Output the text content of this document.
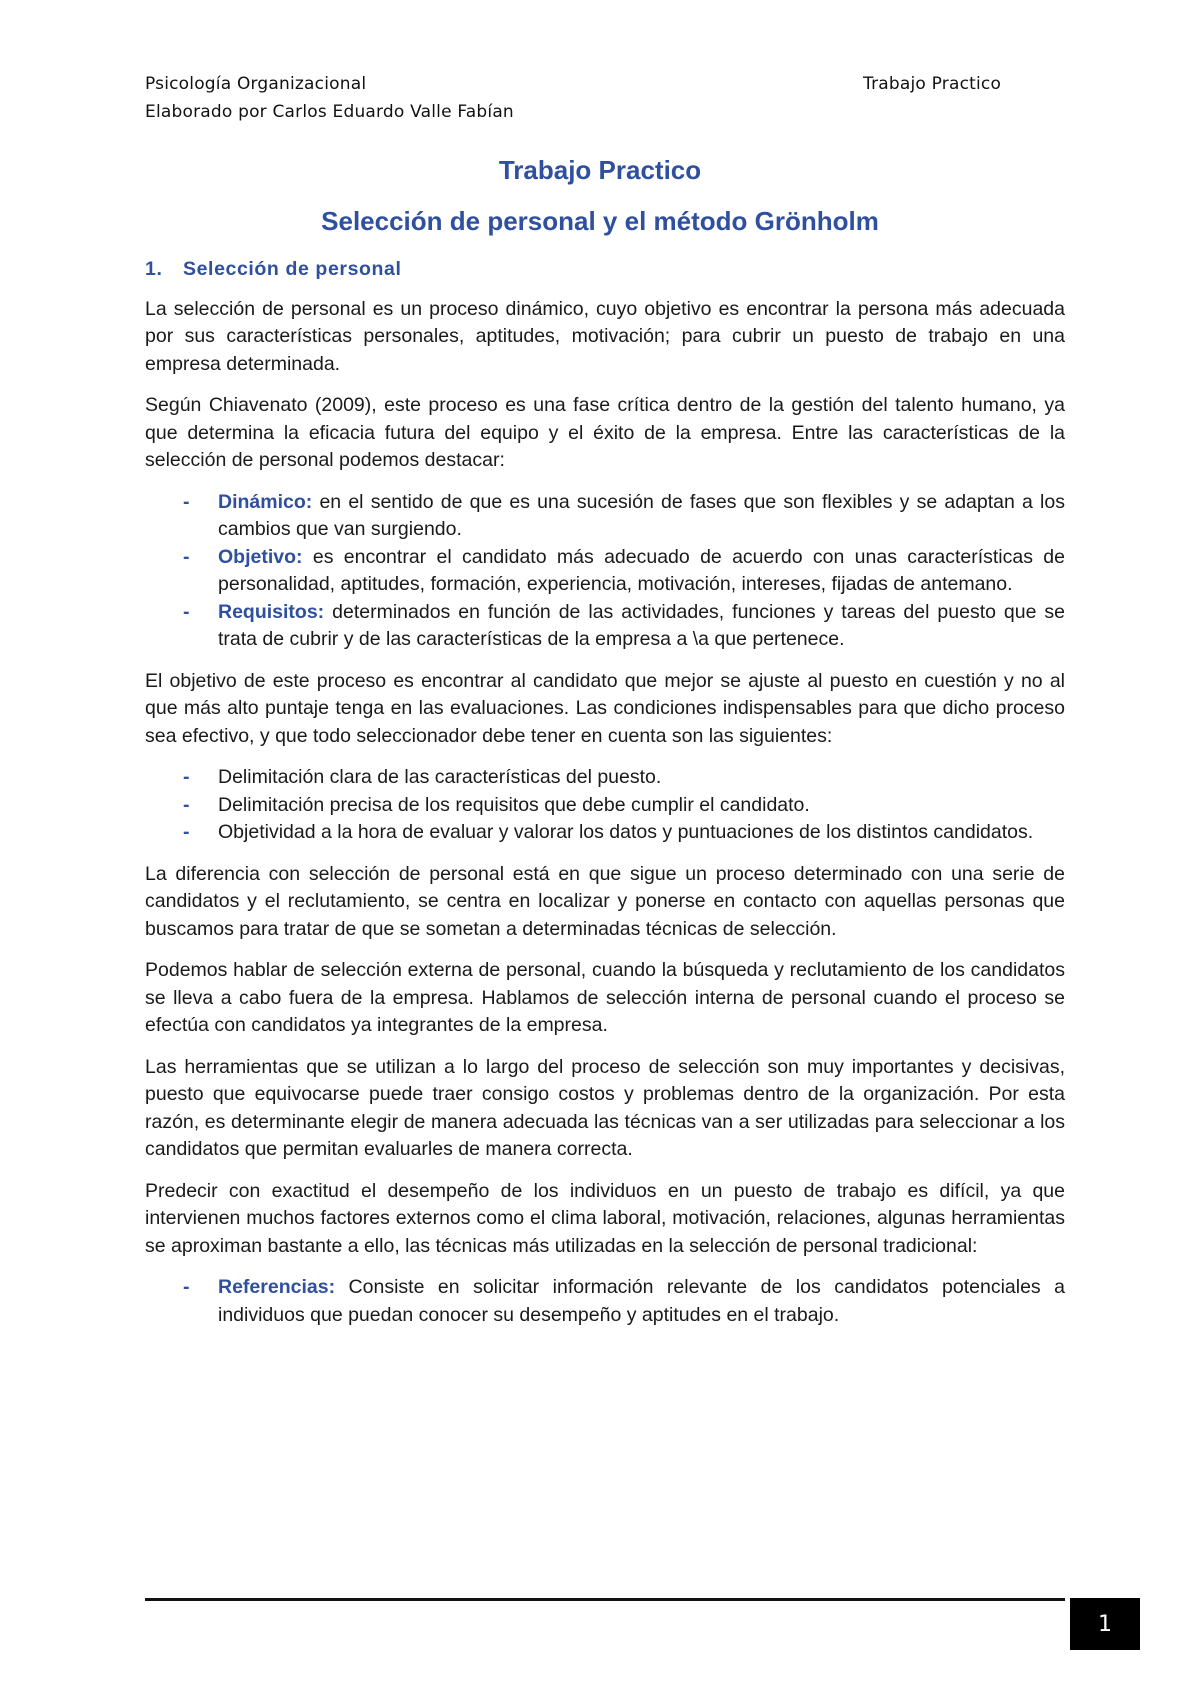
Psicología Organizacional	Trabajo Practico
Elaborado por Carlos Eduardo Valle Fabían
Trabajo Practico
Selección de personal y el método Grönholm
1. Selección de personal

La selección de personal es un proceso dinámico, cuyo objetivo es encontrar la persona más adecuada por sus características personales, aptitudes, motivación; para cubrir un puesto de trabajo en una empresa determinada.

Según Chiavenato (2009), este proceso es una fase crítica dentro de la gestión del talento humano, ya que determina la eficacia futura del equipo y el éxito de la empresa. Entre las características de la selección de personal podemos destacar:

- Dinámico: en el sentido de que es una sucesión de fases que son flexibles y se adaptan a los cambios que van surgiendo.
- Objetivo: es encontrar el candidato más adecuado de acuerdo con unas características de personalidad, aptitudes, formación, experiencia, motivación, intereses, fijadas de antemano.
- Requisitos: determinados en función de las actividades, funciones y tareas del puesto que se trata de cubrir y de las características de la empresa a \a que pertenece.

El objetivo de este proceso es encontrar al candidato que mejor se ajuste al puesto en cuestión y no al que más alto puntaje tenga en las evaluaciones. Las condiciones indispensables para que dicho proceso sea efectivo, y que todo seleccionador debe tener en cuenta son las siguientes:

- Delimitación clara de las características del puesto.
- Delimitación precisa de los requisitos que debe cumplir el candidato.
- Objetividad a la hora de evaluar y valorar los datos y puntuaciones de los distintos candidatos.

La diferencia con selección de personal está en que sigue un proceso determinado con una serie de candidatos y el reclutamiento, se centra en localizar y ponerse en contacto con aquellas personas que buscamos para tratar de que se sometan a determinadas técnicas de selección.

Podemos hablar de selección externa de personal, cuando la búsqueda y reclutamiento de los candidatos se lleva a cabo fuera de la empresa. Hablamos de selección interna de personal cuando el proceso se efectúa con candidatos ya integrantes de la empresa.

Las herramientas que se utilizan a lo largo del proceso de selección son muy importantes y decisivas, puesto que equivocarse puede traer consigo costos y problemas dentro de la organización. Por esta razón, es determinante elegir de manera adecuada las técnicas van a ser utilizadas para seleccionar a los candidatos que permitan evaluarles de manera correcta.

Predecir con exactitud el desempeño de los individuos en un puesto de trabajo es difícil, ya que intervienen muchos factores externos como el clima laboral, motivación, relaciones, algunas herramientas se aproximan bastante a ello, las técnicas más utilizadas en la selección de personal tradicional:

- Referencias: Consiste en solicitar información relevante de los candidatos potenciales a individuos que puedan conocer su desempeño y aptitudes en el trabajo.
1
